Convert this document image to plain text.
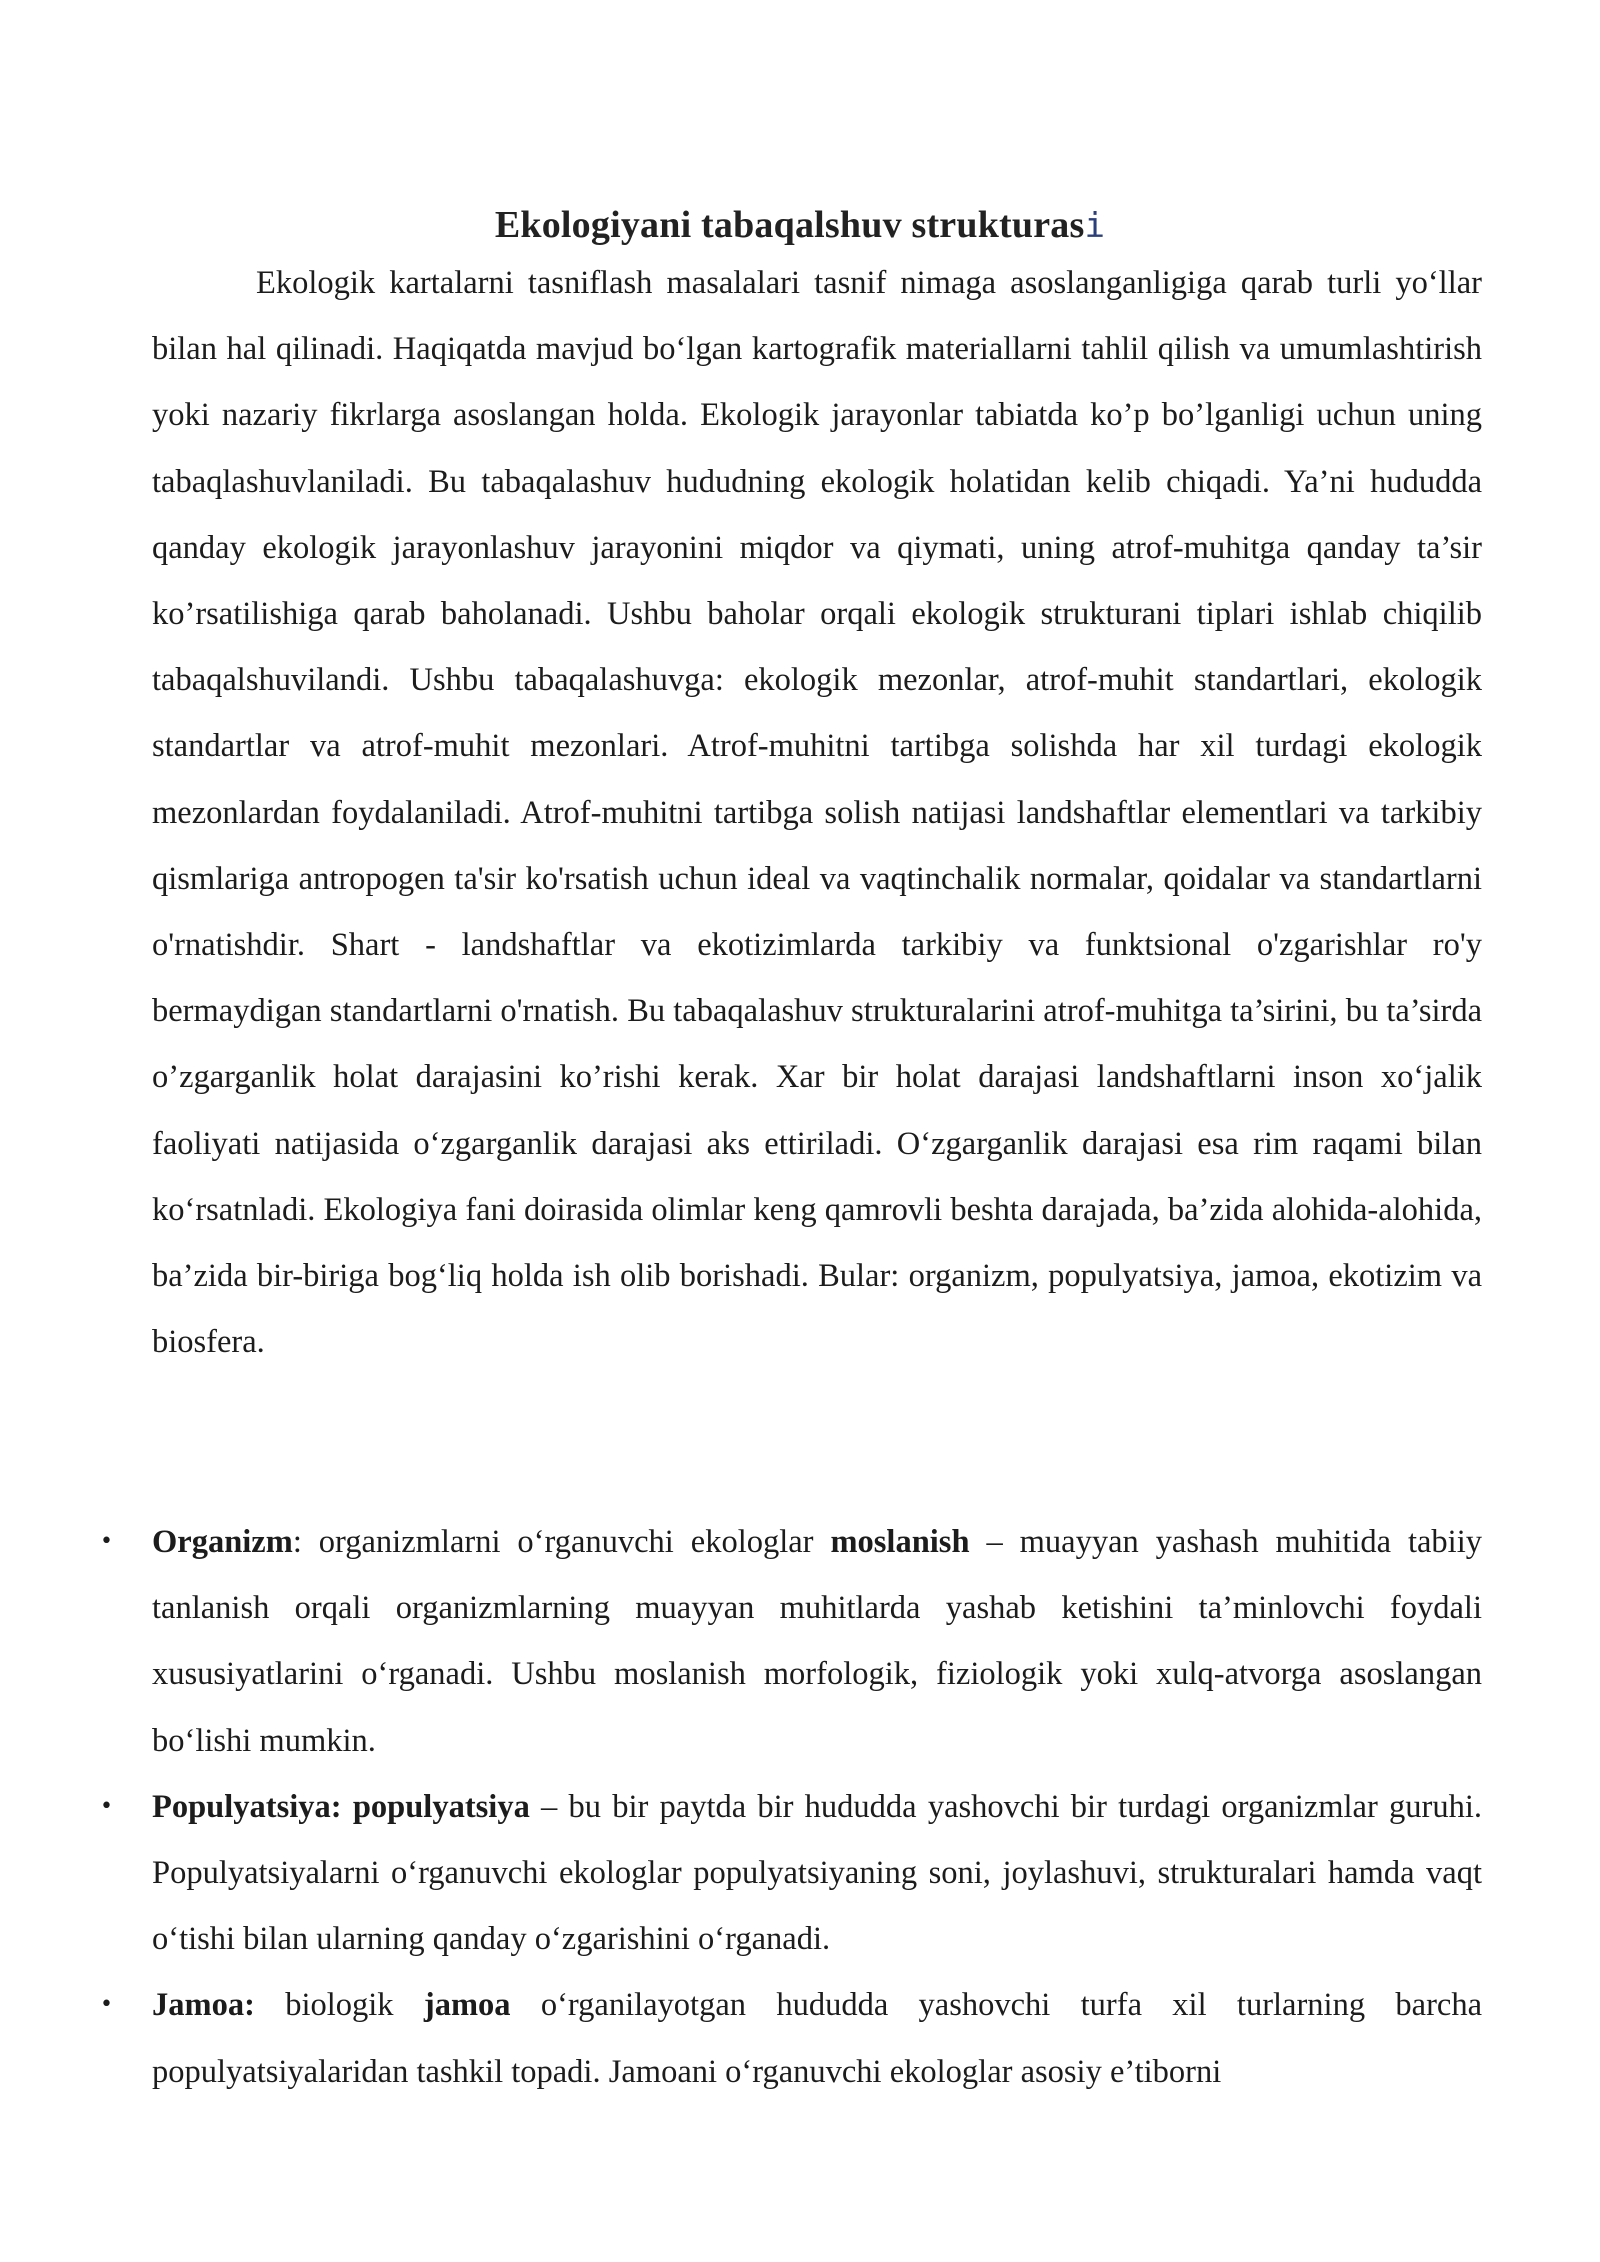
Ekologiyani tabaqalshuv strukturasi

Ekologik kartalarni tasniflash masalalari tasnif nimaga asoslanganligiga qarab turli yo‘llar bilan hal qilinadi. Haqiqatda mavjud bo‘lgan kartografik materiallarni tahlil qilish va umumlashtirish yoki nazariy fikrlarga asoslangan holda. Ekologik jarayonlar tabiatda ko’p bo’lganligi uchun uning tabaqlashuvlaniladi. Bu tabaqalashuv hududning ekologik holatidan kelib chiqadi. Ya’ni hududda qanday ekologik jarayonlashuv jarayonini miqdor va qiymati, uning atrof-muhitga qanday ta’sir ko’rsatilishiga qarab baholanadi. Ushbu baholar orqali ekologik strukturani tiplari ishlab chiqilib tabaqalshuvilandi. Ushbu tabaqalashuvga: ekologik mezonlar, atrof-muhit standartlari, ekologik standartlar va atrof-muhit mezonlari. Atrof-muhitni tartibga solishda har xil turdagi ekologik mezonlardan foydalaniladi. Atrof-muhitni tartibga solish natijasi landshaftlar elementlari va tarkibiy qismlariga antropogen ta'sir ko'rsatish uchun ideal va vaqtinchalik normalar, qoidalar va standartlarni o'rnatishdir. Shart - landshaftlar va ekotizimlarda tarkibiy va funktsional o'zgarishlar ro'y bermaydigan standartlarni o'rnatish. Bu tabaqalashuv strukturalarini atrof-muhitga ta’sirini, bu ta’sirda o’zgarganlik holat darajasini ko’rishi kerak. Xar bir holat darajasi landshaftlarni inson xo‘jalik faoliyati natijasida o‘zgarganlik darajasi aks ettiriladi. O‘zgarganlik darajasi esa rim raqami bilan ko‘rsatnladi. Ekologiya fani doirasida olimlar keng qamrovli beshta darajada, ba’zida alohida-alohida, ba’zida bir-biriga bog‘liq holda ish olib borishadi. Bular: organizm, populyatsiya, jamoa, ekotizim va biosfera.

• Organizm: organizmlarni o‘rganuvchi ekologlar moslanish – muayyan yashash muhitida tabiiy tanlanish orqali organizmlarning muayyan muhitlarda yashab ketishini ta’minlovchi foydali xususiyatlarini o‘rganadi. Ushbu moslanish morfologik, fiziologik yoki xulq-atvorga asoslangan bo‘lishi mumkin.
• Populyatsiya: populyatsiya – bu bir paytda bir hududda yashovchi bir turdagi organizmlar guruhi. Populyatsiyalarni o‘rganuvchi ekologlar populyatsiyaning soni, joylashuvi, strukturalari hamda vaqt o‘tishi bilan ularning qanday o‘zgarishini o‘rganadi.
• Jamoa: biologik jamoa o‘rganilayotgan hududda yashovchi turfa xil turlarning barcha populyatsiyalaridan tashkil topadi. Jamoani o‘rganuvchi ekologlar asosiy e’tiborni
